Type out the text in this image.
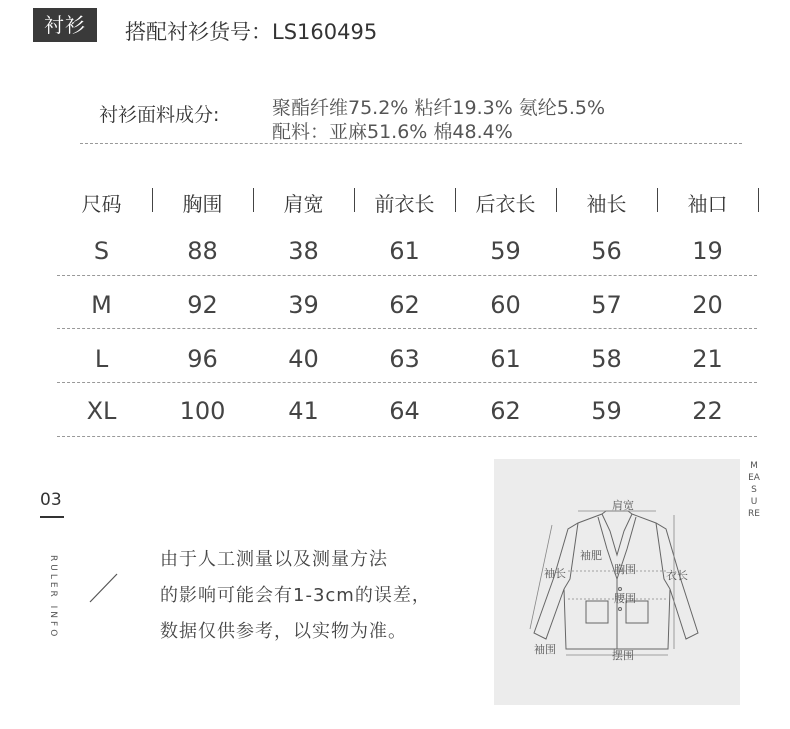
衬衫	搭配衬衫货号：LS160495
衬衫面料成分:	聚酯纤维75.2% 粘纤19.3% 氨纶5.5%
配料：亚麻51.6% 棉48.4%
尺码	胸围	肩宽	前衣长	后衣长	袖长	袖口
S	88	38	61	59	56	19
M	92	39	62	60	57	20
L	96	40	63	61	58	21
XL	100	41	64	62	59	22
03
RULER INFO	由于人工测量以及测量方法
的影响可能会有1-3cm的误差，
数据仅供参考，以实物为准。
肩宽
袖肥
袖长	胸围	衣长
腰围
袖围	摆围
MEASURE
